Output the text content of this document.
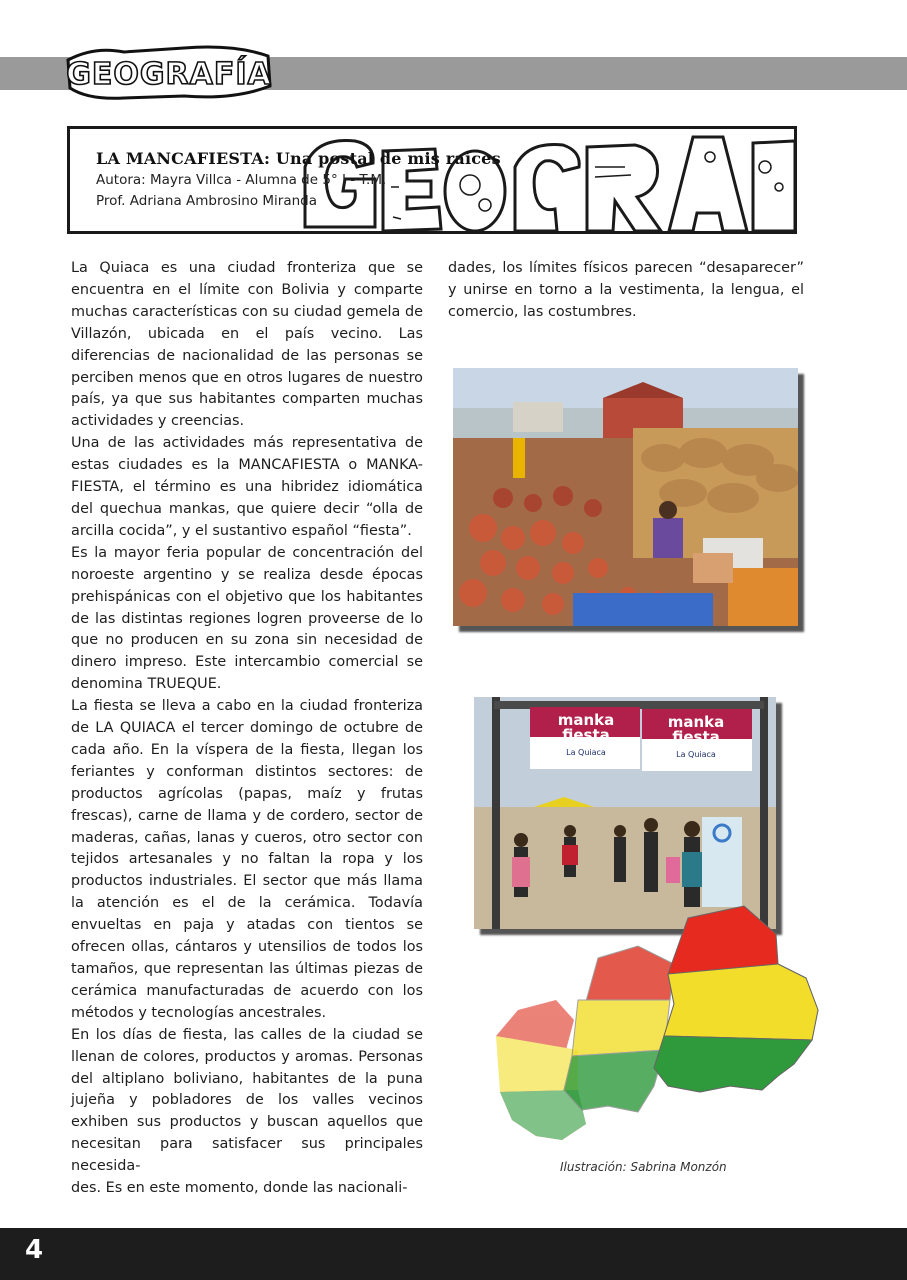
GEOGRAFÍA
LA MANCAFIESTA: Una postal de mis raíces

Autora: Mayra Villca - Alumna de 5° I - T.M.

Prof. Adriana Ambrosino Miranda

La Quiaca es una ciudad fronteriza que se encuentra en el límite con Bolivia y comparte muchas características con su ciudad gemela de Villazón, ubicada en el país vecino. Las diferencias de nacionalidad de las personas se perciben menos que en otros lugares de nuestro país, ya que sus habitantes comparten muchas actividades y creencias.

Una de las actividades más representativa de estas ciudades es la MANCAFIESTA o MANKA-FIESTA, el término es una hibridez idiomática del quechua mankas, que quiere decir “olla de arcilla cocida”, y el sustantivo español “fiesta”.

Es la mayor feria popular de concentración del noroeste argentino y se realiza desde épocas prehispánicas con el objetivo que los habitantes de las distintas regiones logren proveerse de lo que no producen en su zona sin necesidad de dinero impreso. Este intercambio comercial se denomina TRUEQUE.

La fiesta se lleva a cabo en la ciudad fronteriza de LA QUIACA el tercer domingo de octubre de cada año. En la víspera de la fiesta, llegan los feriantes y conforman distintos sectores: de productos agrícolas (papas, maíz y frutas frescas), carne de llama y de cordero, sector de maderas, cañas, lanas y cueros, otro sector con tejidos artesanales y no faltan la ropa y los productos industriales. El sector que más llama la atención es el de la cerámica. Todavía envueltas en paja y atadas con tientos se ofrecen ollas, cántaros y utensilios de todos los tamaños, que representan las últimas piezas de cerámica manufacturadas de acuerdo con los métodos y tecnologías ancestrales.

En los días de fiesta, las calles de la ciudad se llenan de colores, productos y aromas. Personas del altiplano boliviano, habitantes de la puna jujeña y pobladores de los valles vecinos exhiben sus productos y buscan aquellos que necesitan para satisfacer sus principales necesida-

des. Es en este momento, donde las nacionali-

dades, los límites físicos parecen “desaparecer” y unirse en torno a la vestimenta, la lengua, el comercio, las costumbres.

manka
fiesta
La Quiaca
manka
fiesta
La Quiaca
Ilustración: Sabrina Monzón
4
